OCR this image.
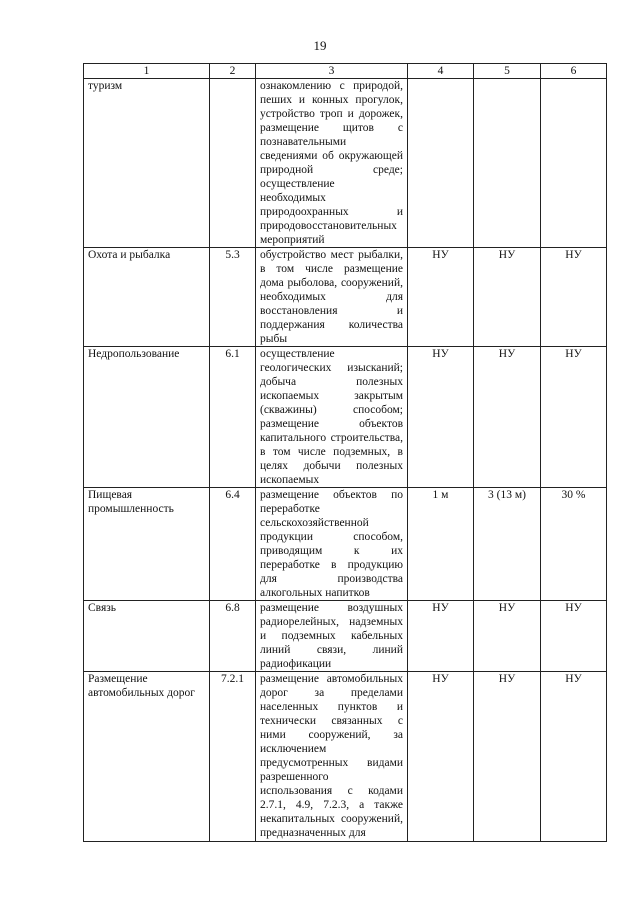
19
1	2	3	4	5	6
туризм		ознакомлению с природой, пеших и конных прогулок, устройство троп и дорожек, размещение щитов с познавательными сведениями об окружающей природной среде; осуществление необходимых природоохранных и природовосстановительных мероприятий			
Охота и рыбалка	5.3	обустройство мест рыбалки, в том числе размещение дома рыболова, сооружений, необходимых для восстановления и поддержания количества рыбы	НУ	НУ	НУ
Недропользование	6.1	осуществление геологических изысканий; добыча полезных ископаемых закрытым (скважины) способом; размещение объектов капитального строительства, в том числе подземных, в целях добычи полезных ископаемых	НУ	НУ	НУ
Пищевая промышленность	6.4	размещение объектов по переработке сельскохозяйственной продукции способом, приводящим к их переработке в продукцию для производства алкогольных напитков	1 м	3 (13 м)	30 %
Связь	6.8	размещение воздушных радиорелейных, надземных и подземных кабельных линий связи, линий радиофикации	НУ	НУ	НУ
Размещение автомобильных дорог	7.2.1	размещение автомобильных дорог за пределами населенных пунктов и технически связанных с ними сооружений, за исключением предусмотренных видами разрешенного использования с кодами 2.7.1, 4.9, 7.2.3, а также некапитальных сооружений, предназначенных для	НУ	НУ	НУ
